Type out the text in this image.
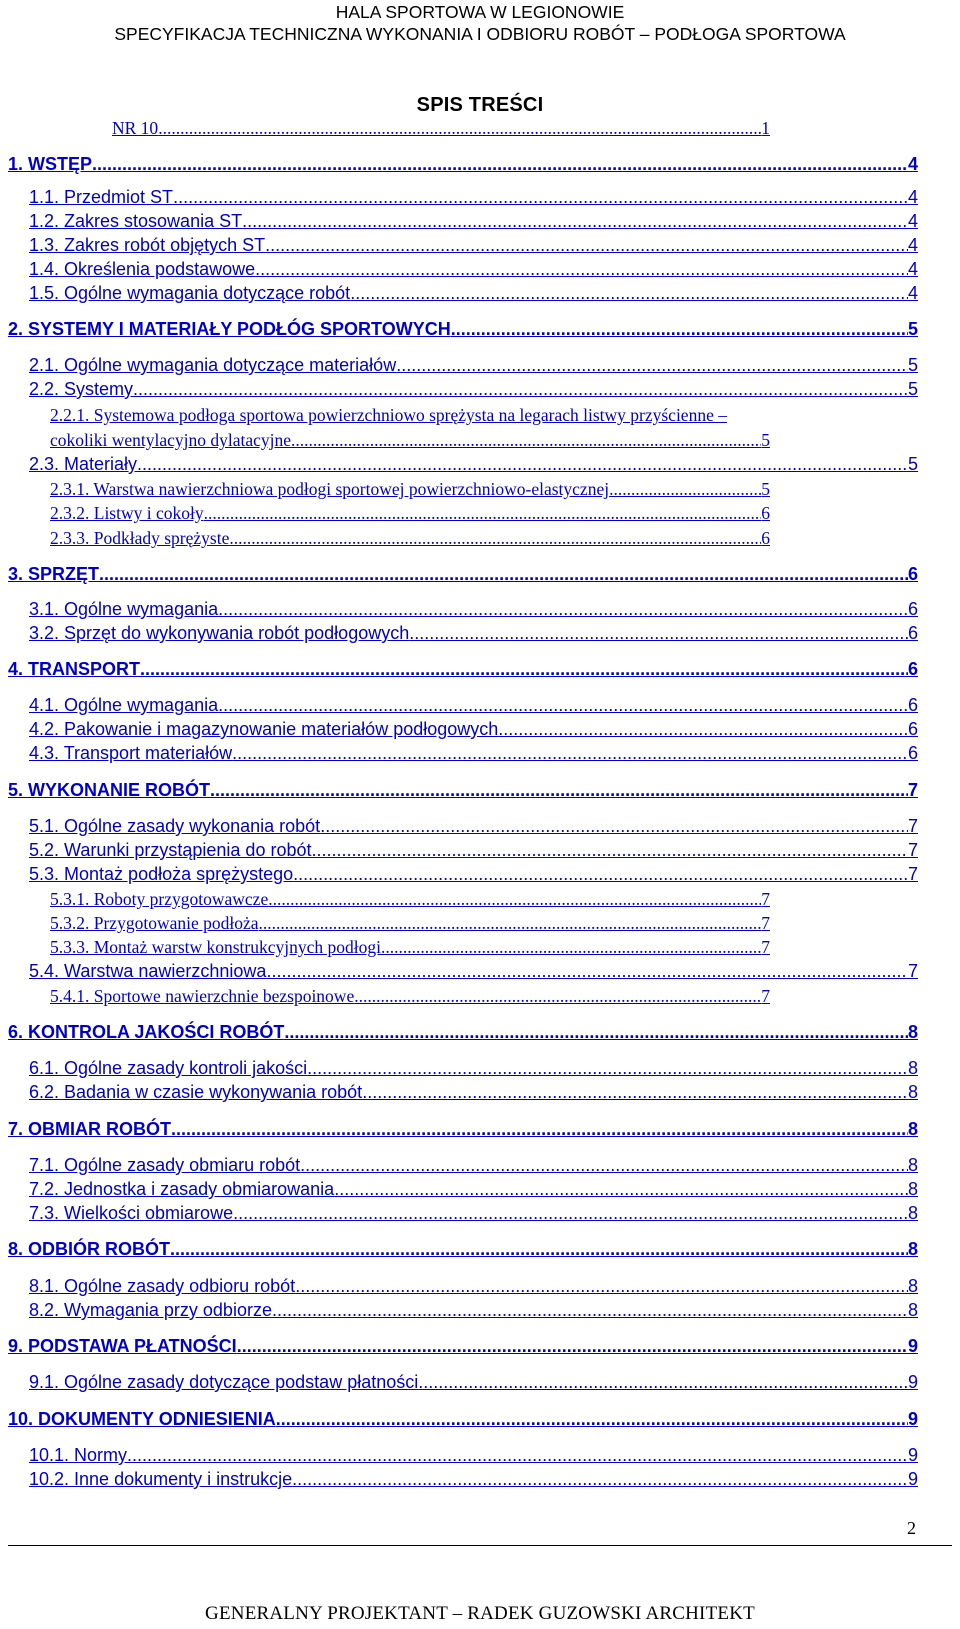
HALA SPORTOWA W LEGIONOWIE
SPECYFIKACJA TECHNICZNA WYKONANIA I ODBIORU ROBÓT – PODŁOGA SPORTOWA
SPIS TREŚCI
NR 10 .....	1
1. WSTĘP .....	4
1.1. Przedmiot ST .....	4
1.2. Zakres stosowania ST .....	4
1.3. Zakres robót objętych ST .....	4
1.4. Określenia podstawowe .....	4
1.5. Ogólne wymagania dotyczące robót .....	4
2. SYSTEMY I MATERIAŁY PODŁÓG SPORTOWYCH .....	5
2.1. Ogólne wymagania dotyczące materiałów .....	5
2.2. Systemy .....	5
2.2.1. Systemowa podłoga sportowa powierzchniowo sprężysta na legarach listwy przyścienne –
cokoliki wentylacyjno dylatacyjne .....	5
2.3. Materiały .....	5
2.3.1. Warstwa nawierzchniowa podłogi sportowej powierzchniowo-elastycznej .....	5
2.3.2. Listwy i cokoły .....	6
2.3.3. Podkłady sprężyste .....	6
3. SPRZĘT .....	6
3.1. Ogólne wymagania .....	6
3.2. Sprzęt do wykonywania robót podłogowych .....	6
4. TRANSPORT .....	6
4.1. Ogólne wymagania .....	6
4.2. Pakowanie i magazynowanie materiałów podłogowych .....	6
4.3. Transport materiałów .....	6
5. WYKONANIE ROBÓT .....	7
5.1. Ogólne zasady wykonania robót .....	7
5.2. Warunki przystąpienia do robót .....	7
5.3. Montaż podłoża sprężystego .....	7
5.3.1. Roboty przygotowawcze .....	7
5.3.2. Przygotowanie podłoża .....	7
5.3.3. Montaż warstw konstrukcyjnych podłogi .....	7
5.4. Warstwa nawierzchniowa .....	7
5.4.1. Sportowe nawierzchnie bezspoinowe .....	7
6. KONTROLA JAKOŚCI ROBÓT .....	8
6.1. Ogólne zasady kontroli jakości .....	8
6.2. Badania w czasie wykonywania robót .....	8
7. OBMIAR ROBÓT .....	8
7.1. Ogólne zasady obmiaru robót .....	8
7.2. Jednostka i zasady obmiarowania .....	8
7.3. Wielkości obmiarowe .....	8
8. ODBIÓR ROBÓT .....	8
8.1. Ogólne zasady odbioru robót .....	8
8.2. Wymagania przy odbiorze .....	8
9. PODSTAWA PŁATNOŚCI .....	9
9.1. Ogólne zasady dotyczące podstaw płatności .....	9
10. DOKUMENTY ODNIESIENIA .....	9
10.1. Normy .....	9
10.2. Inne dokumenty i instrukcje .....	9
2
GENERALNY PROJEKTANT – RADEK GUZOWSKI ARCHITEKT
